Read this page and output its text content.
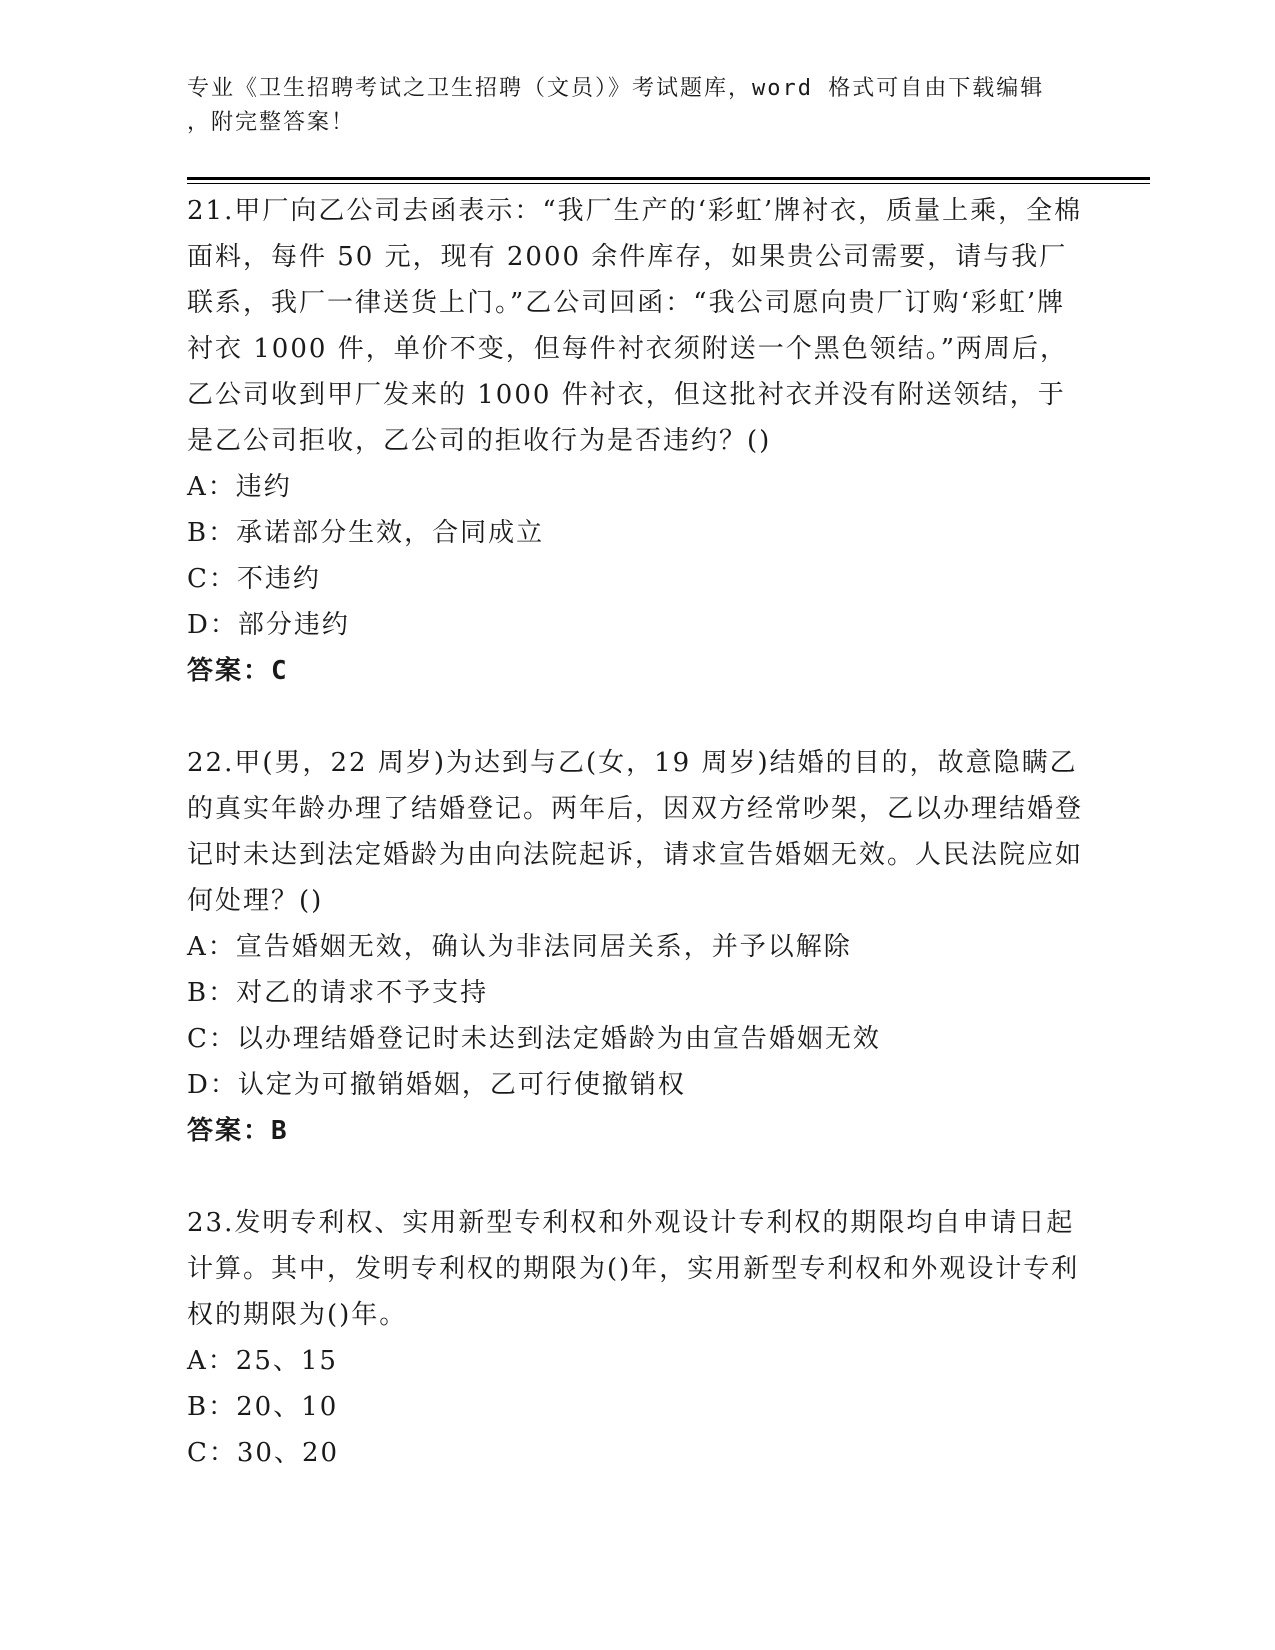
专业《卫生招聘考试之卫生招聘（文员）》考试题库，word 格式可自由下载编辑
，附完整答案！
21.甲厂向乙公司去函表示：“我厂生产的‘彩虹’牌衬衣，质量上乘，全棉面料，每件 50 元，现有 2000 余件库存，如果贵公司需要，请与我厂联系，我厂一律送货上门。”乙公司回函：“我公司愿向贵厂订购‘彩虹’牌衬衣 1000 件，单价不变，但每件衬衣须附送一个黑色领结。”两周后，乙公司收到甲厂发来的 1000 件衬衣，但这批衬衣并没有附送领结，于是乙公司拒收，乙公司的拒收行为是否违约？()
A：违约
B：承诺部分生效，合同成立
C：不违约
D：部分违约
答案：C
22.甲(男，22 周岁)为达到与乙(女，19 周岁)结婚的目的，故意隐瞒乙的真实年龄办理了结婚登记。两年后，因双方经常吵架，乙以办理结婚登记时未达到法定婚龄为由向法院起诉，请求宣告婚姻无效。人民法院应如何处理？()
A：宣告婚姻无效，确认为非法同居关系，并予以解除
B：对乙的请求不予支持
C：以办理结婚登记时未达到法定婚龄为由宣告婚姻无效
D：认定为可撤销婚姻，乙可行使撤销权
答案：B
23.发明专利权、实用新型专利权和外观设计专利权的期限均自申请日起计算。其中，发明专利权的期限为()年，实用新型专利权和外观设计专利权的期限为()年。
A：25、15
B：20、10
C：30、20
